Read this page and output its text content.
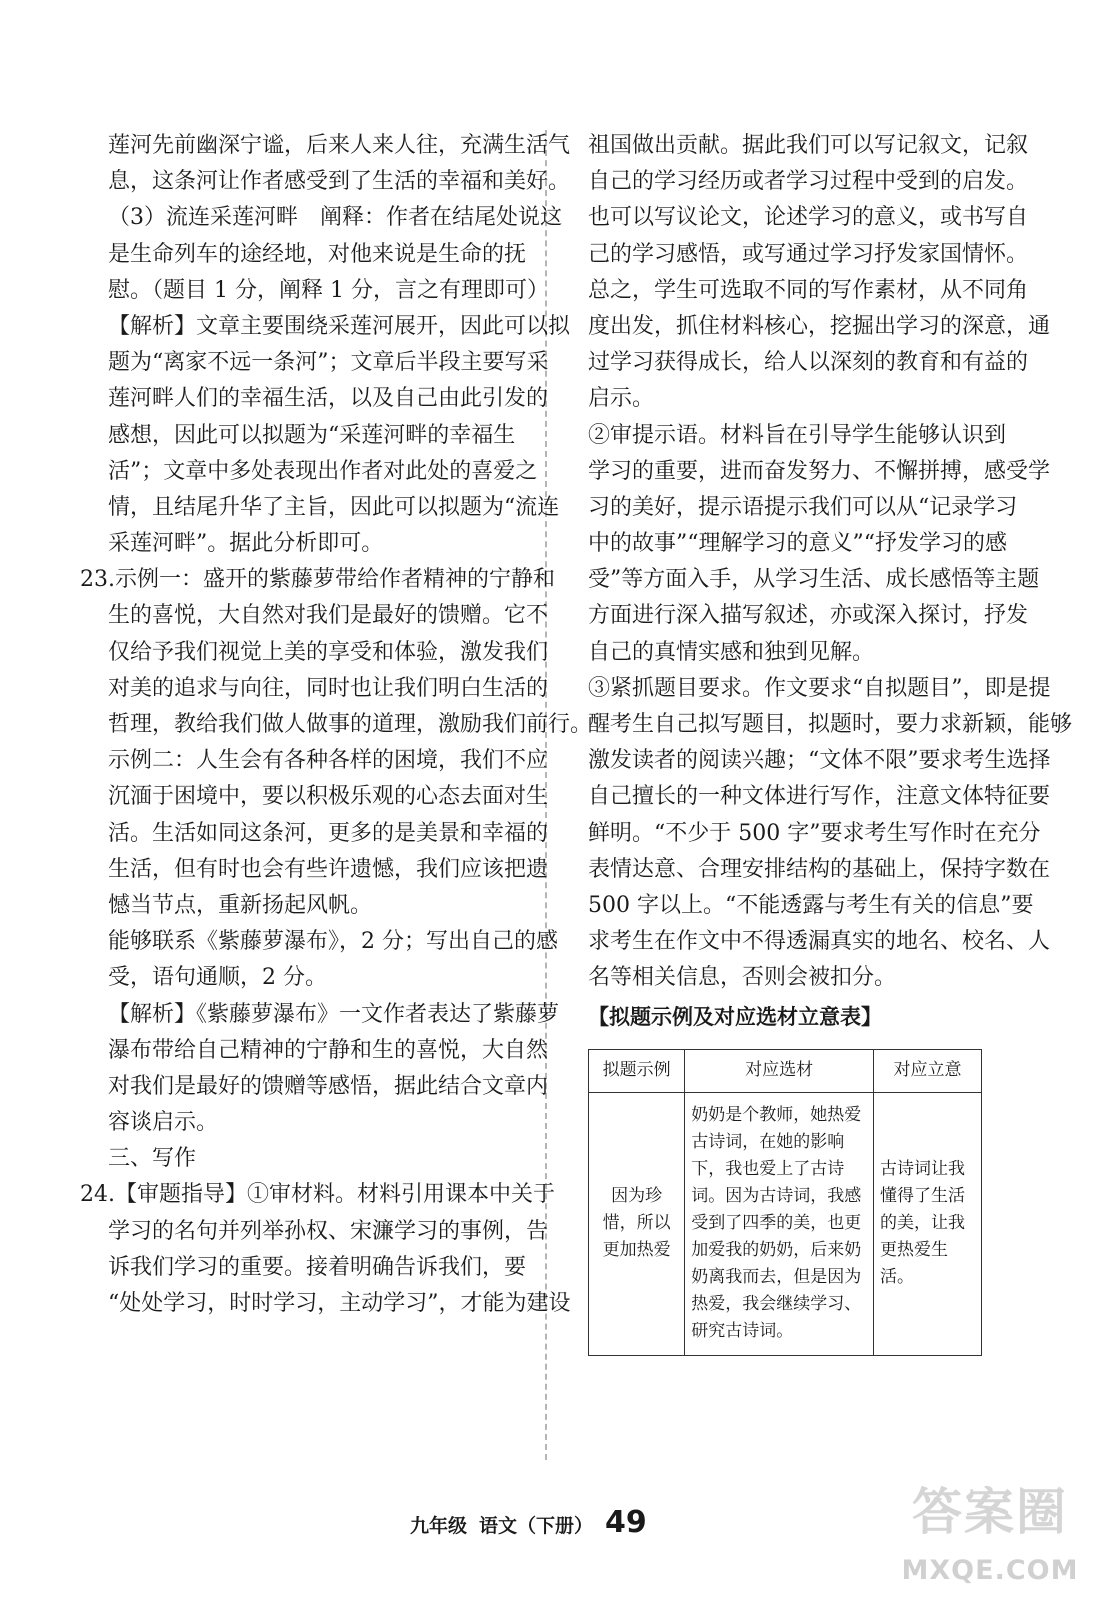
莲河先前幽深宁谧，后来人来人往，充满生活气
息，这条河让作者感受到了生活的幸福和美好。
（3）流连采莲河畔　阐释：作者在结尾处说这
是生命列车的途经地，对他来说是生命的抚
慰。（题目 1 分，阐释 1 分，言之有理即可）
【解析】文章主要围绕采莲河展开，因此可以拟
题为“离家不远一条河”；文章后半段主要写采
莲河畔人们的幸福生活，以及自己由此引发的
感想，因此可以拟题为“采莲河畔的幸福生
活”；文章中多处表现出作者对此处的喜爱之
情，且结尾升华了主旨，因此可以拟题为“流连
采莲河畔”。据此分析即可。
23.示例一：盛开的紫藤萝带给作者精神的宁静和
生的喜悦，大自然对我们是最好的馈赠。它不
仅给予我们视觉上美的享受和体验，激发我们
对美的追求与向往，同时也让我们明白生活的
哲理，教给我们做人做事的道理，激励我们前行。
示例二：人生会有各种各样的困境，我们不应
沉湎于困境中，要以积极乐观的心态去面对生
活。生活如同这条河，更多的是美景和幸福的
生活，但有时也会有些许遗憾，我们应该把遗
憾当节点，重新扬起风帆。
能够联系《紫藤萝瀑布》，2 分；写出自己的感
受，语句通顺，2 分。
【解析】《紫藤萝瀑布》一文作者表达了紫藤萝
瀑布带给自己精神的宁静和生的喜悦，大自然
对我们是最好的馈赠等感悟，据此结合文章内
容谈启示。
三、写作
24.【审题指导】①审材料。材料引用课本中关于
学习的名句并列举孙权、宋濂学习的事例，告
诉我们学习的重要。接着明确告诉我们，要
“处处学习，时时学习，主动学习”，才能为建设
祖国做出贡献。据此我们可以写记叙文，记叙
自己的学习经历或者学习过程中受到的启发。
也可以写议论文，论述学习的意义，或书写自
己的学习感悟，或写通过学习抒发家国情怀。
总之，学生可选取不同的写作素材，从不同角
度出发，抓住材料核心，挖掘出学习的深意，通
过学习获得成长，给人以深刻的教育和有益的
启示。
②审提示语。材料旨在引导学生能够认识到
学习的重要，进而奋发努力、不懈拼搏，感受学
习的美好，提示语提示我们可以从“记录学习
中的故事”“理解学习的意义”“抒发学习的感
受”等方面入手，从学习生活、成长感悟等主题
方面进行深入描写叙述，亦或深入探讨，抒发
自己的真情实感和独到见解。
③紧抓题目要求。作文要求“自拟题目”，即是提
醒考生自己拟写题目，拟题时，要力求新颖，能够
激发读者的阅读兴趣；“文体不限”要求考生选择
自己擅长的一种文体进行写作，注意文体特征要
鲜明。“不少于 500 字”要求考生写作时在充分
表情达意、合理安排结构的基础上，保持字数在
500 字以上。“不能透露与考生有关的信息”要
求考生在作文中不得透漏真实的地名、校名、人
名等相关信息，否则会被扣分。
【拟题示例及对应选材立意表】
拟题示例	对应选材	对应立意
因为珍惜，所以更加热爱	奶奶是个教师，她热爱古诗词，在她的影响下，我也爱上了古诗词。因为古诗词，我感受到了四季的美，也更加爱我的奶奶，后来奶奶离我而去，但是因为热爱，我会继续学习、研究古诗词。	古诗词让我懂得了生活的美，让我更热爱生活。
九年级 语文（下册） 49	答案圈
MXQE.COM
